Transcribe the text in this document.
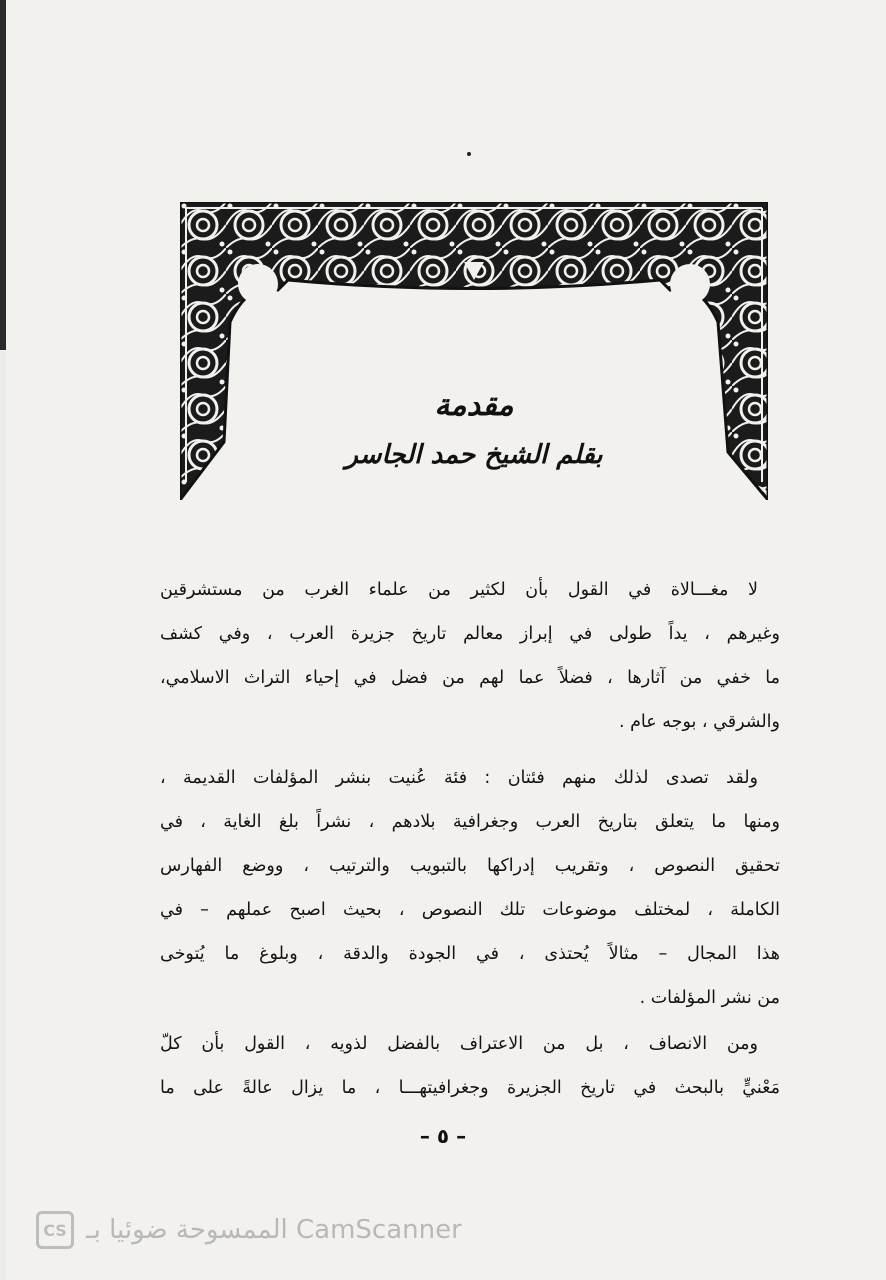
مقدمة
بقلم الشيخ حمد الجاسر
لا مغـــالاة في القول بأن لكثير من علماء الغرب من مستشرقين
وغيرهم ، يداً طولى في إبراز معالم تاريخ جزيرة العرب ، وفي كشف
ما خفي من آثارها ، فضلاً عما لهم من فضل في إحياء التراث الاسلامي،
والشرقي ، بوجه عام .
ولقد تصدى لذلك منهم فئتان : فئة عُنيت بنشر المؤلفات القديمة ،
ومنها ما يتعلق بتاريخ العرب وجغرافية بلادهم ، نشراً بلغ الغاية ، في
تحقيق النصوص ، وتقريب إدراكها بالتبويب والترتيب ، ووضع الفهارس
الكاملة ، لمختلف موضوعات تلك النصوص ، بحيث اصبح عملهم – في
هذا المجال – مثالاً يُحتذى ، في الجودة والدقة ، وبلوغ ما يُتوخى
من نشر المؤلفات .
ومن الانصاف ، بل من الاعتراف بالفضل لذويه ، القول بأن كلّ
مَعْنيٍّ بالبحث في تاريخ الجزيرة وجغرافيتهـــا ، ما يزال عالةً على ما
– ٥ –
CS الممسوحة ضوئيا بـ CamScanner
